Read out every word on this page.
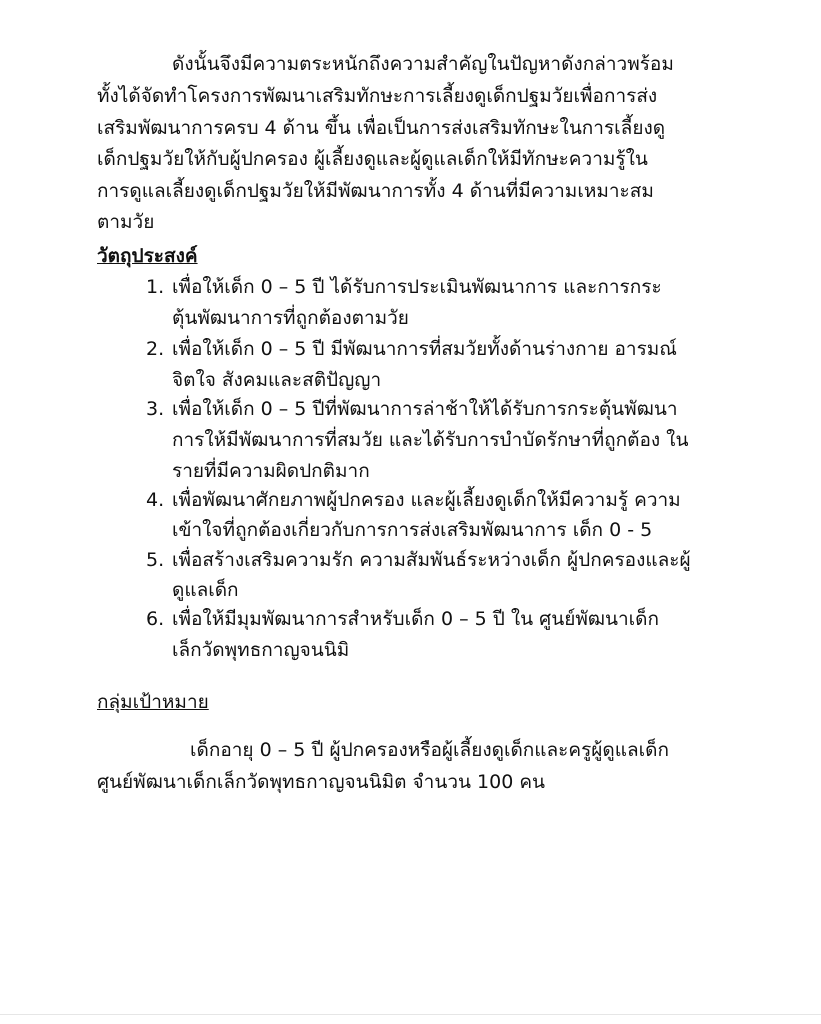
ดังนั้นจึงมีความตระหนักถึงความสำคัญในปัญหาดังกล่าวพร้อม
ทั้งได้จัดทำโครงการพัฒนาเสริมทักษะการเลี้ยงดูเด็กปฐมวัยเพื่อการส่ง
เสริมพัฒนาการครบ 4 ด้าน ขึ้น เพื่อเป็นการส่งเสริมทักษะในการเลี้ยงดู
เด็กปฐมวัยให้กับผู้ปกครอง ผู้เลี้ยงดูและผู้ดูแลเด็กให้มีทักษะความรู้ใน
การดูแลเลี้ยงดูเด็กปฐมวัยให้มีพัฒนาการทั้ง 4 ด้านที่มีความเหมาะสม
ตามวัย
วัตถุประสงค์
1. เพื่อให้เด็ก 0 – 5 ปี ได้รับการประเมินพัฒนาการ และการกระ
ตุ้นพัฒนาการที่ถูกต้องตามวัย
2. เพื่อให้เด็ก 0 – 5 ปี มีพัฒนาการที่สมวัยทั้งด้านร่างกาย อารมณ์
จิตใจ สังคมและสติปัญญา
3. เพื่อให้เด็ก 0 – 5 ปีที่พัฒนาการล่าช้าให้ได้รับการกระตุ้นพัฒนา
การให้มีพัฒนาการที่สมวัย และได้รับการบำบัดรักษาที่ถูกต้อง ใน
รายที่มีความผิดปกติมาก
4. เพื่อพัฒนาศักยภาพผู้ปกครอง และผู้เลี้ยงดูเด็กให้มีความรู้ ความ
เข้าใจที่ถูกต้องเกี่ยวกับการการส่งเสริมพัฒนาการ เด็ก 0 - 5
5. เพื่อสร้างเสริมความรัก ความสัมพันธ์ระหว่างเด็ก ผู้ปกครองและผู้
ดูแลเด็ก
6. เพื่อให้มีมุมพัฒนาการสำหรับเด็ก 0 – 5 ปี ใน ศูนย์พัฒนาเด็ก
เล็กวัดพุทธกาญจนนิมิ
กลุ่มเป้าหมาย
เด็กอายุ 0 – 5 ปี ผู้ปกครองหรือผู้เลี้ยงดูเด็กและครูผู้ดูแลเด็ก
ศูนย์พัฒนาเด็กเล็กวัดพุทธกาญจนนิมิต จำนวน 100 คน
